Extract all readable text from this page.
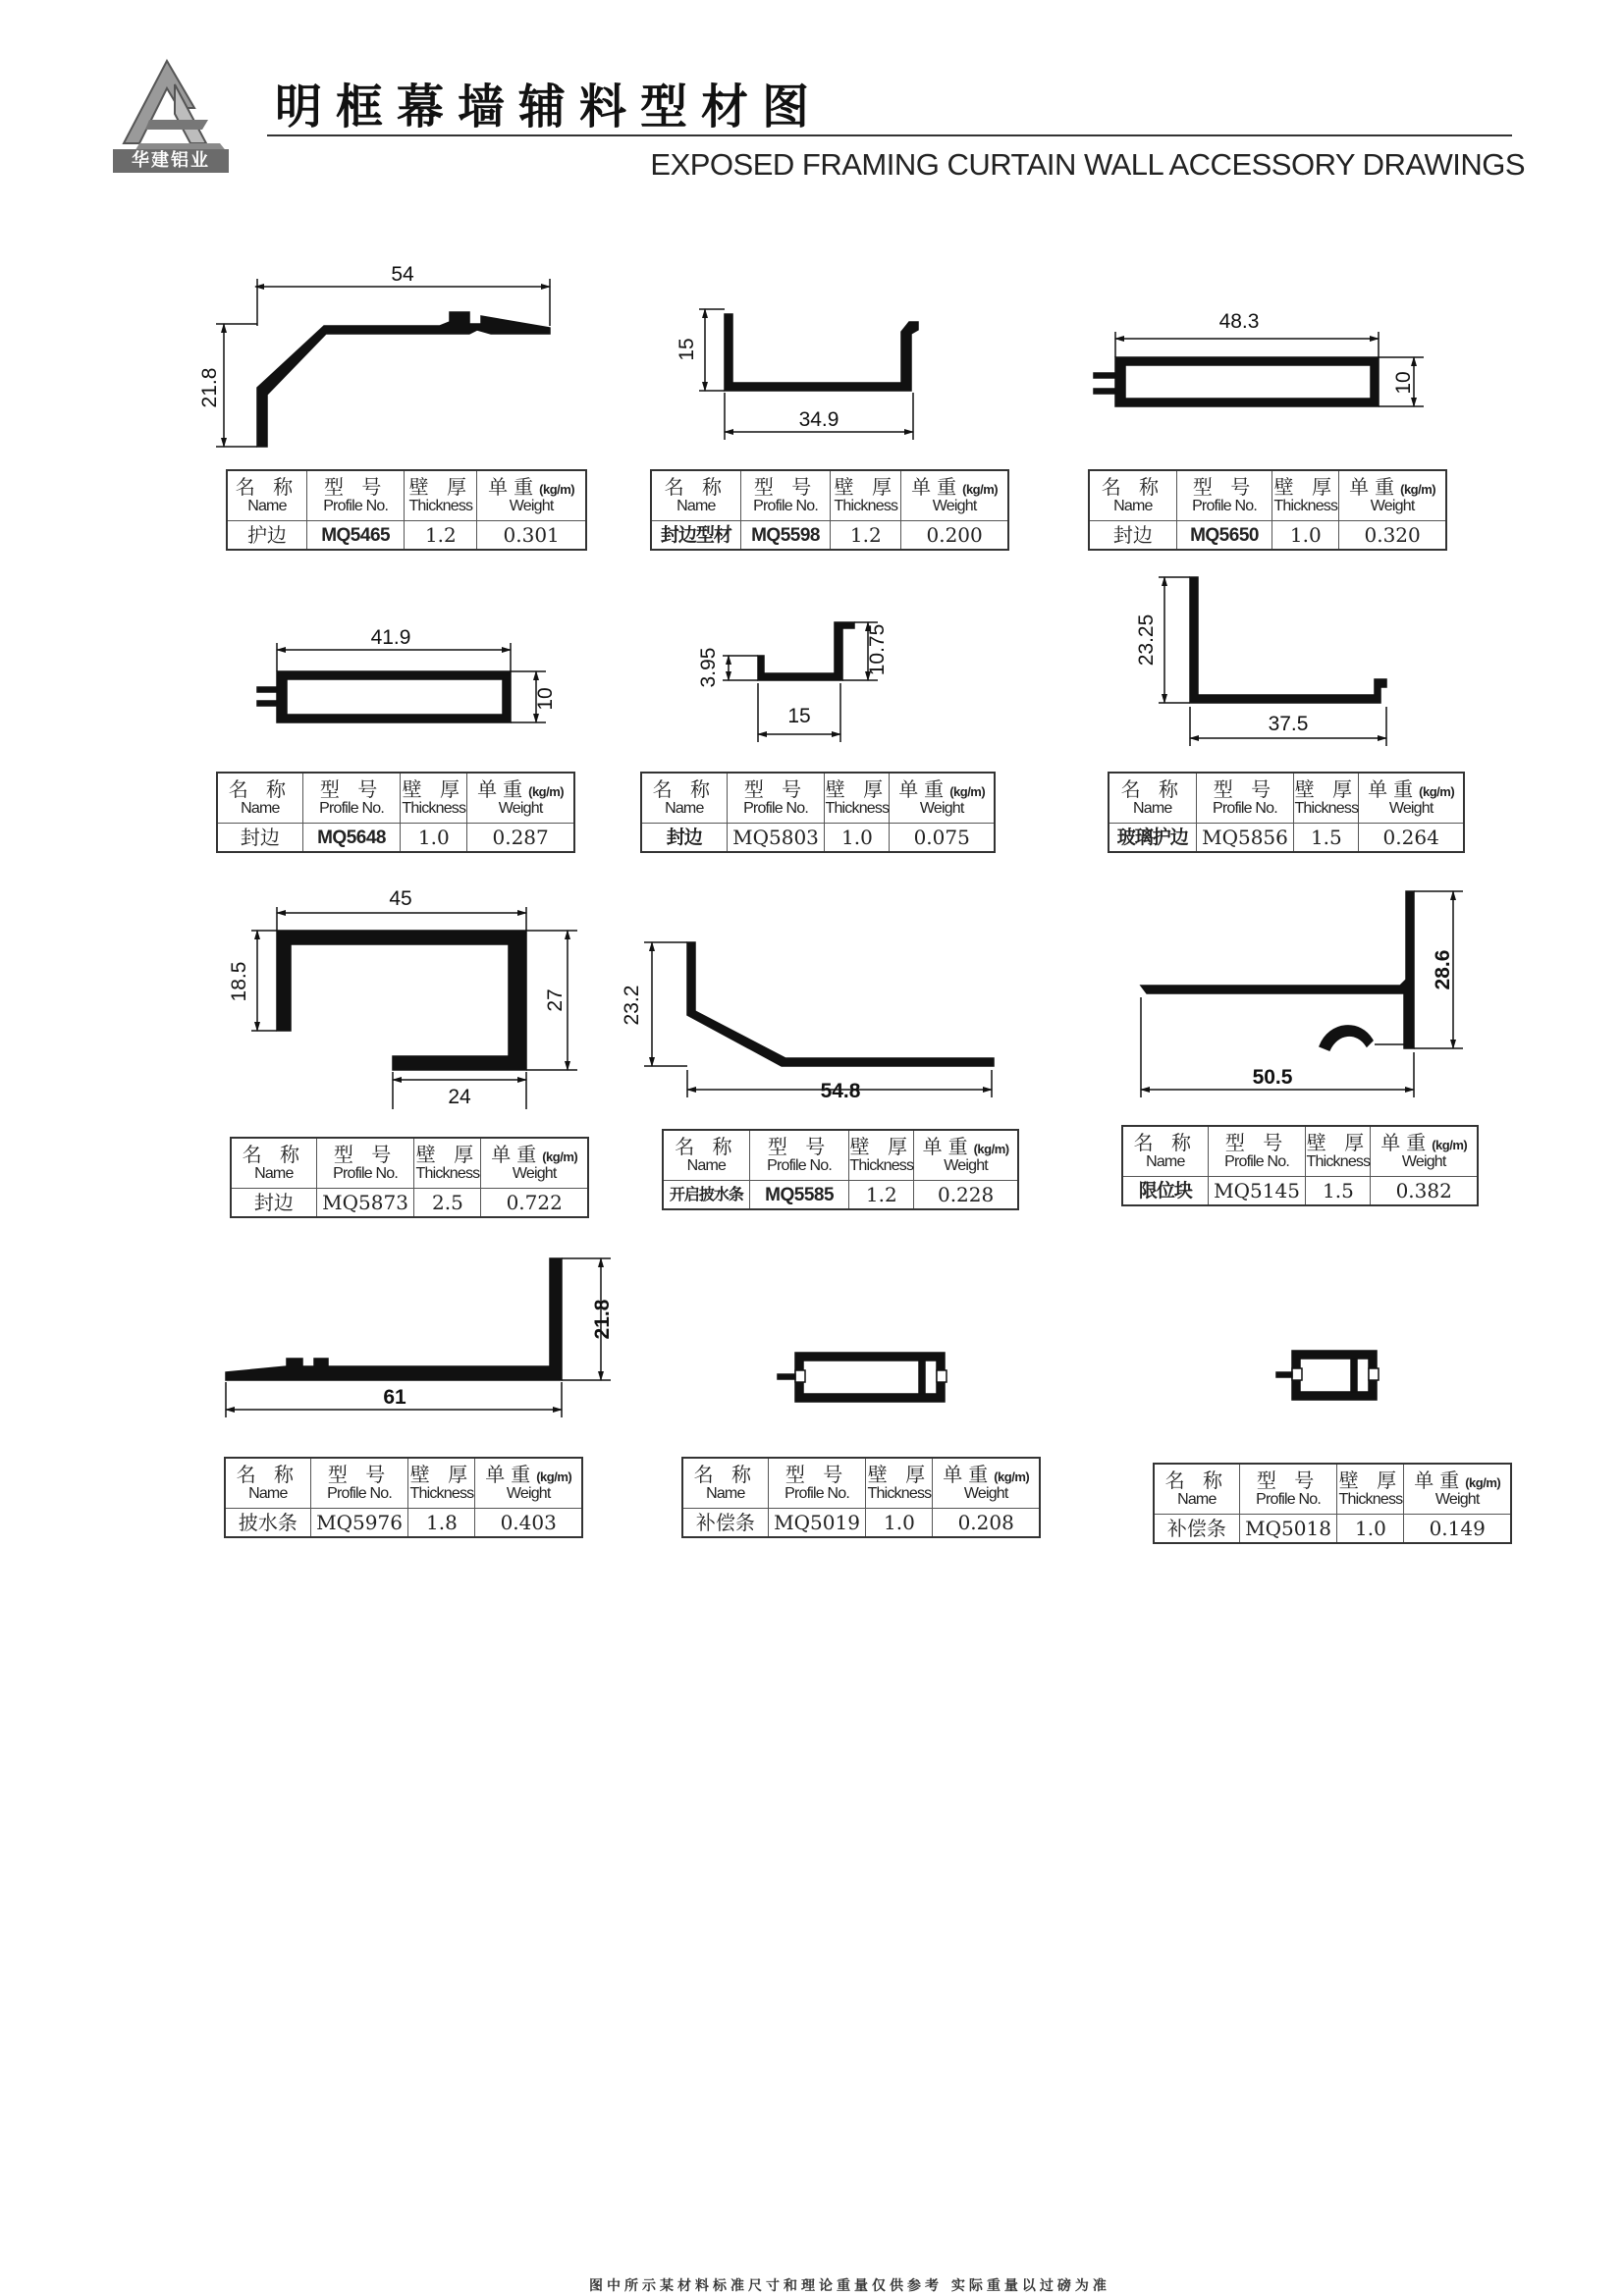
华建铝业
明框幕墙辅料型材图
EXPOSED FRAMING CURTAIN WALL ACCESSORY DRAWINGS
54
21.8
15
34.9
48.3
10
41.9
10
3.95	10.75
15
23.25
37.5
45
18.5	27
24
23.2
54.8
28.6
50.5
21.8
61
名 称
Name	型 号
Profile No.	壁 厚
Thickness	单重(kg/m)
Weight

护边	MQ5465	1.2	0.301
名 称
Name	型 号
Profile No.	壁 厚
Thickness	单重(kg/m)
Weight

封边型材	MQ5598	1.2	0.200
名 称
Name	型 号
Profile No.	壁 厚
Thickness	单重(kg/m)
Weight

封边	MQ5650	1.0	0.320
名 称
Name	型 号
Profile No.	壁 厚
Thickness	单重(kg/m)
Weight

封边	MQ5648	1.0	0.287
名 称
Name	型 号
Profile No.	壁 厚
Thickness	单重(kg/m)
Weight

封边	MQ5803	1.0	0.075
名 称
Name	型 号
Profile No.	壁 厚
Thickness	单重(kg/m)
Weight

玻璃护边	MQ5856	1.5	0.264
名 称
Name	型 号
Profile No.	壁 厚
Thickness	单重(kg/m)
Weight

封边	MQ5873	2.5	0.722
名 称
Name	型 号
Profile No.	壁 厚
Thickness	单重(kg/m)
Weight

开启披水条	MQ5585	1.2	0.228
名 称
Name	型 号
Profile No.	壁 厚
Thickness	单重(kg/m)
Weight

限位块	MQ5145	1.5	0.382
名 称
Name	型 号
Profile No.	壁 厚
Thickness	单重(kg/m)
Weight

披水条	MQ5976	1.8	0.403
名 称
Name	型 号
Profile No.	壁 厚
Thickness	单重(kg/m)
Weight

补偿条	MQ5019	1.0	0.208
名 称
Name	型 号
Profile No.	壁 厚
Thickness	单重(kg/m)
Weight

补偿条	MQ5018	1.0	0.149
图中所示某材料标准尺寸和理论重量仅供参考 实际重量以过磅为准
